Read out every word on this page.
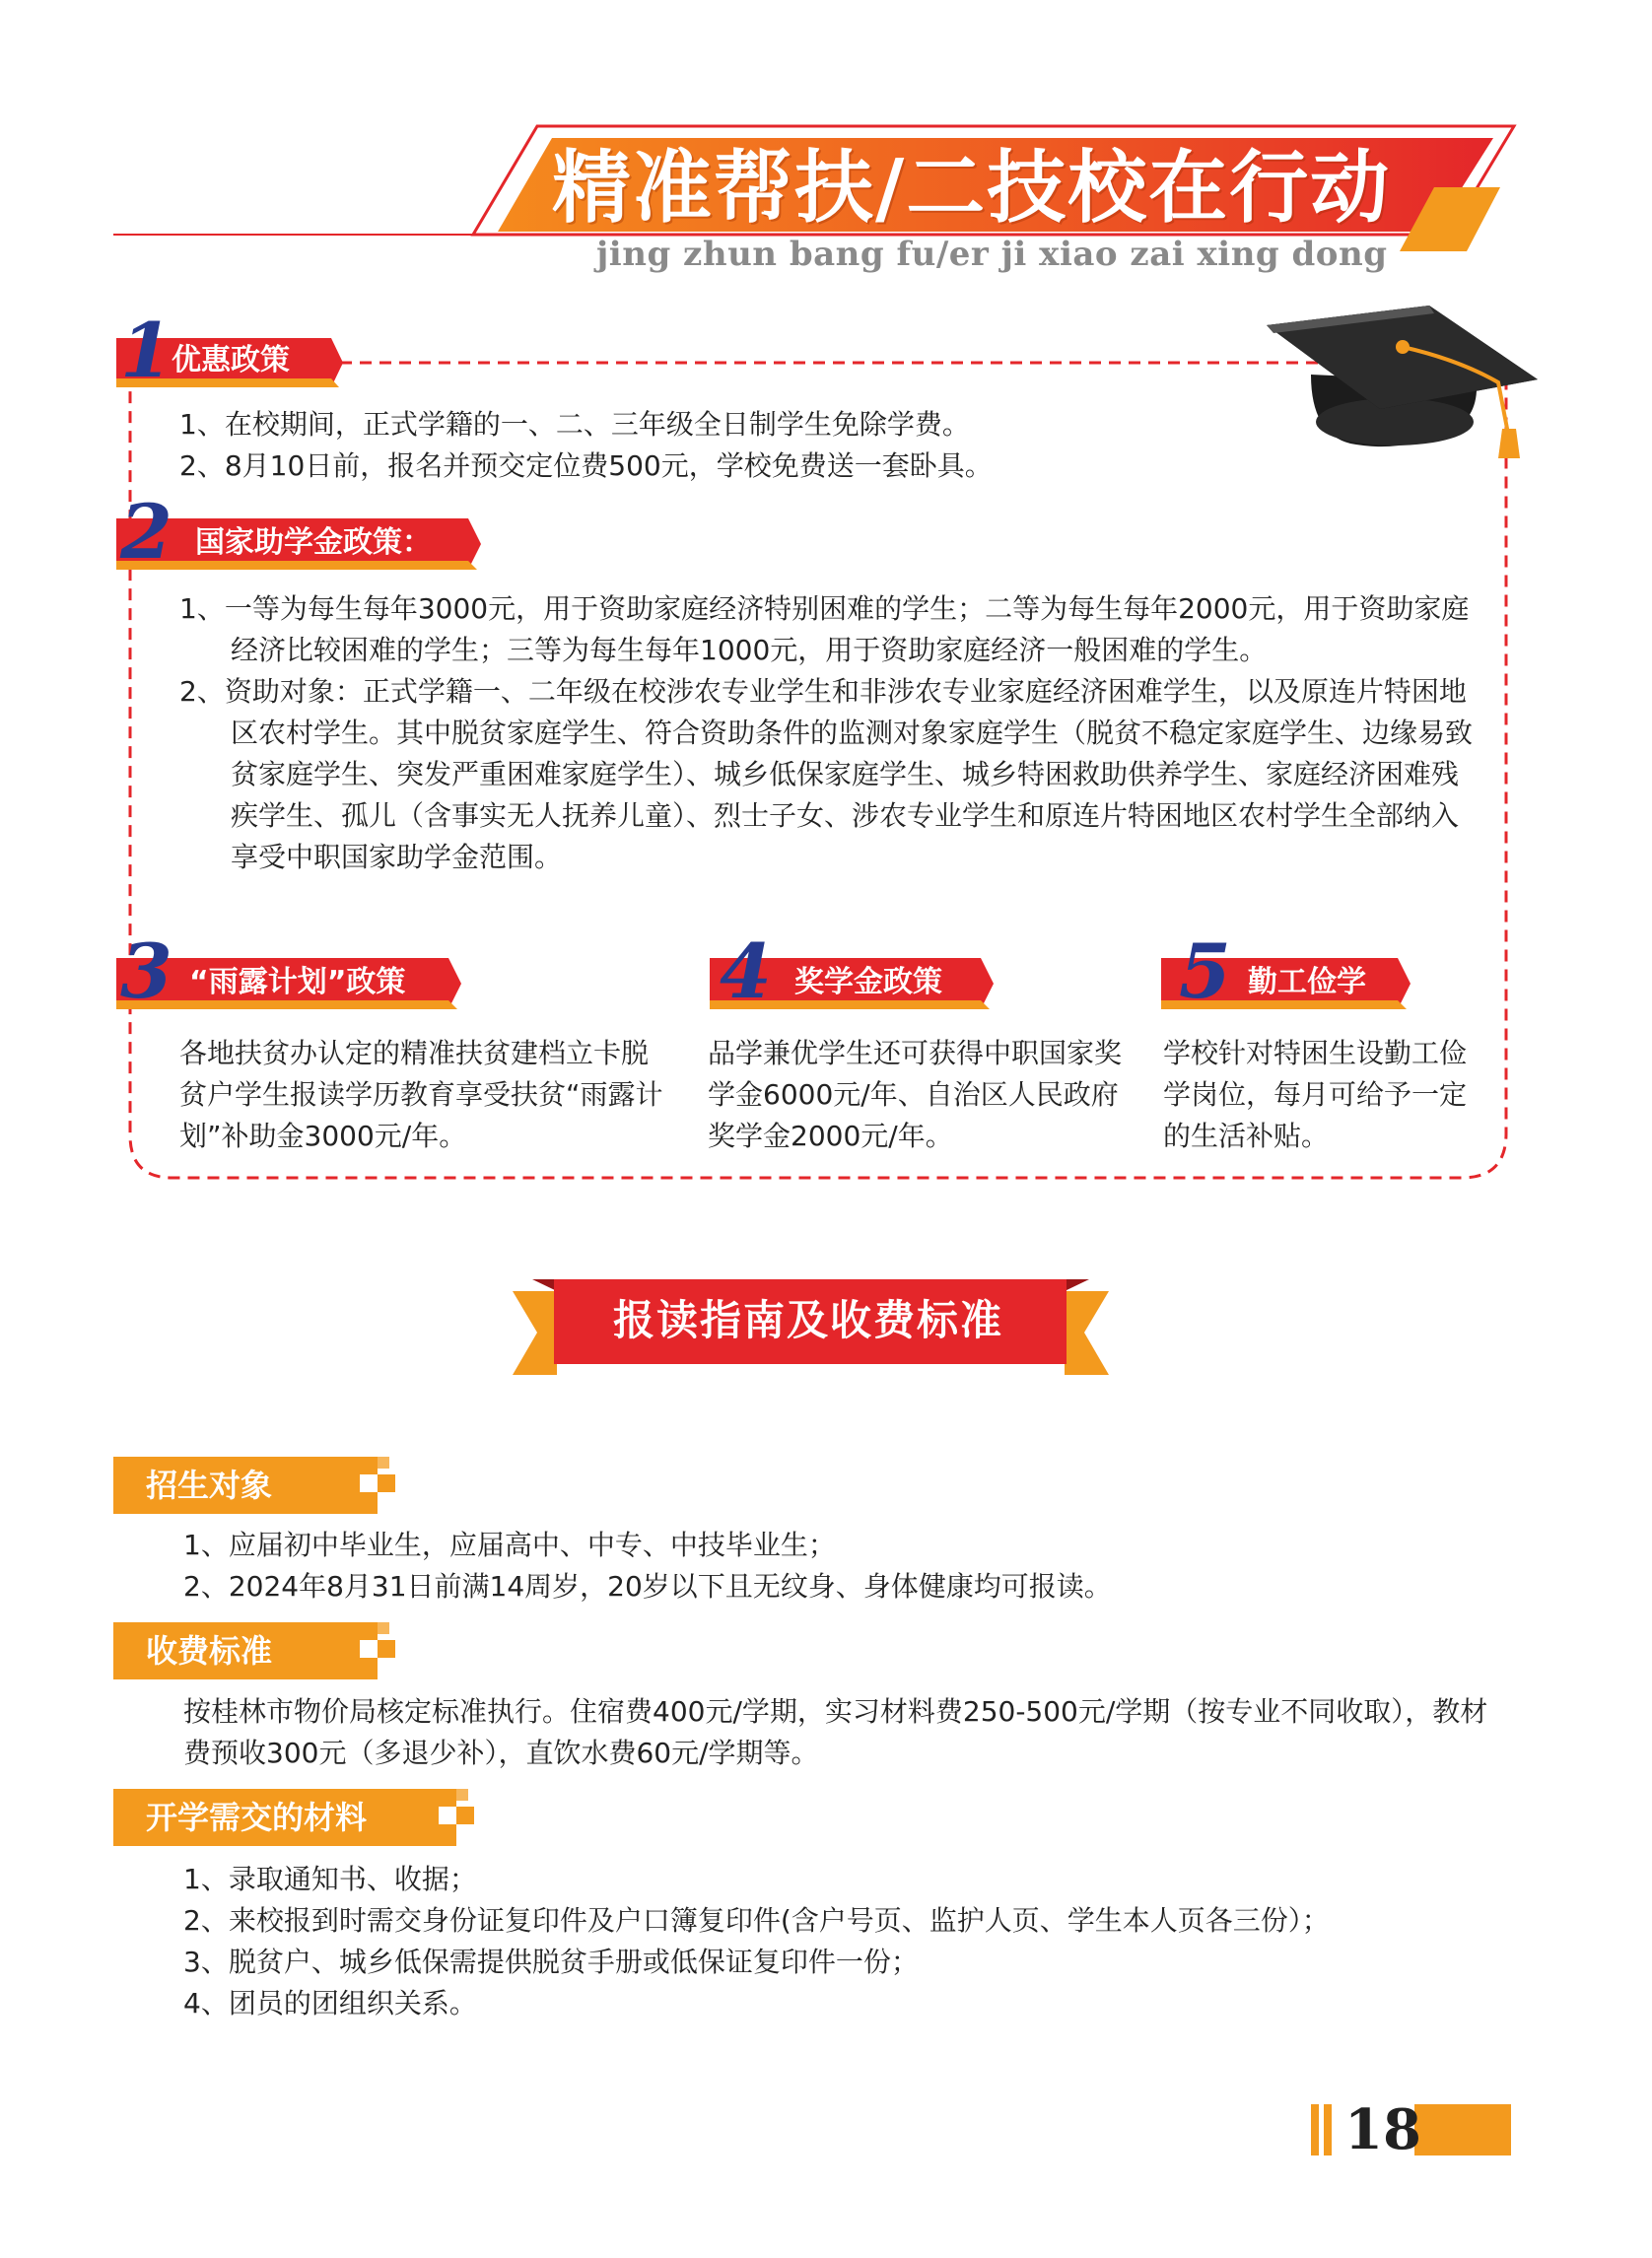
精准帮扶/二技校在行动
jing zhun bang fu/er ji xiao zai xing dong
1 优惠政策

1、在校期间，正式学籍的一、二、三年级全日制学生免除学费。

2、8月10日前，报名并预交定位费500元，学校免费送一套卧具。

2 国家助学金政策：

1、一等为每生每年3000元，用于资助家庭经济特别困难的学生；二等为每生每年2000元，用于资助家庭经济比较困难的学生；三等为每生每年1000元，用于资助家庭经济一般困难的学生。

2、资助对象：正式学籍一、二年级在校涉农专业学生和非涉农专业家庭经济困难学生，以及原连片特困地区农村学生。其中脱贫家庭学生、符合资助条件的监测对象家庭学生（脱贫不稳定家庭学生、边缘易致贫家庭学生、突发严重困难家庭学生）、城乡低保家庭学生、城乡特困救助供养学生、家庭经济困难残疾学生、孤儿（含事实无人抚养儿童）、烈士子女、涉农专业学生和原连片特困地区农村学生全部纳入享受中职国家助学金范围。

3 “雨露计划”政策
各地扶贫办认定的精准扶贫建档立卡脱贫户学生报读学历教育享受扶贫“雨露计划”补助金3000元/年。
4 奖学金政策
品学兼优学生还可获得中职国家奖学金6000元/年、自治区人民政府奖学金2000元/年。
5 勤工俭学
学校针对特困生设勤工俭学岗位，每月可给予一定的生活补贴。
报读指南及收费标准
招生对象

1、应届初中毕业生，应届高中、中专、中技毕业生；

2、2024年8月31日前满14周岁，20岁以下且无纹身、身体健康均可报读。

收费标准
按桂林市物价局核定标准执行。住宿费400元/学期，实习材料费250-500元/学期（按专业不同收取），教材费预收300元（多退少补），直饮水费60元/学期等。
开学需交的材料

1、录取通知书、收据；

2、来校报到时需交身份证复印件及户口簿复印件(含户号页、监护人页、学生本人页各三份）；

3、脱贫户、城乡低保需提供脱贫手册或低保证复印件一份；

4、团员的团组织关系。

18
